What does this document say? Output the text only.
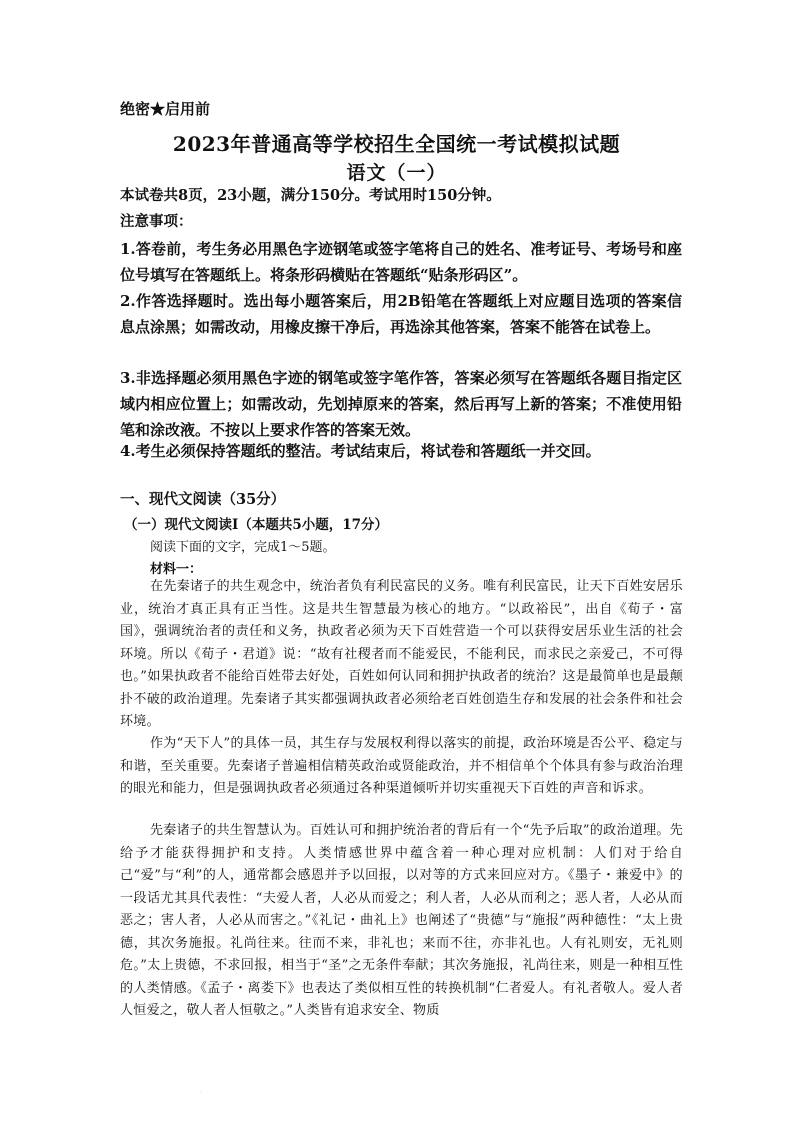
绝密★启用前
2023年普通高等学校招生全国统一考试模拟试题
语文（一）
本试卷共8页，23小题，满分150分。考试用时150分钟。
注意事项：
1.答卷前，考生务必用黑色字迹钢笔或签字笔将自己的姓名、准考证号、考场号和座位号填写在答题纸上。将条形码横贴在答题纸“贴条形码区”。
2.作答选择题时。选出每小题答案后，用2B铅笔在答题纸上对应题目选项的答案信息点涂黑；如需改动，用橡皮擦干净后，再选涂其他答案，答案不能答在试卷上。
3.非选择题必须用黑色字迹的钢笔或签字笔作答，答案必须写在答题纸各题目指定区域内相应位置上；如需改动，先划掉原来的答案，然后再写上新的答案；不准使用铅笔和涂改液。不按以上要求作答的答案无效。
4.考生必须保持答题纸的整洁。考试结束后，将试卷和答题纸一并交回。
一、现代文阅读（35分）
（一）现代文阅读Ⅰ（本题共5小题，17分）
阅读下面的文字，完成1～5题。
材料一：
在先秦诸子的共生观念中，统治者负有利民富民的义务。唯有利民富民，让天下百姓安居乐业，统治才真正具有正当性。这是共生智慧最为核心的地方。“以政裕民”，出自《荀子・富国》，强调统治者的责任和义务，执政者必须为天下百姓营造一个可以获得安居乐业生活的社会环境。所以《荀子・君道》说：“故有社稷者而不能爱民，不能利民，而求民之亲爱己，不可得也。”如果执政者不能给百姓带去好处，百姓如何认同和拥护执政者的统治？这是最简单也是最颠扑不破的政治道理。先秦诸子其实都强调执政者必须给老百姓创造生存和发展的社会条件和社会环境。
作为“天下人”的具体一员，其生存与发展权利得以落实的前提，政治环境是否公平、稳定与和谐，至关重要。先秦诸子普遍相信精英政治或贤能政治，并不相信单个个体具有参与政治治理的眼光和能力，但是强调执政者必须通过各种渠道倾听并切实重视天下百姓的声音和诉求。
先秦诸子的共生智慧认为。百姓认可和拥护统治者的背后有一个“先予后取”的政治道理。先给予才能获得拥护和支持。人类情感世界中蕴含着一种心理对应机制：人们对于给自己“爱”与“利”的人，通常都会感恩并予以回报，以对等的方式来回应对方。《墨子・兼爱中》的一段话尤其具代表性：“夫爱人者，人必从而爱之；利人者，人必从而利之；恶人者，人必从而恶之；害人者，人必从而害之。”《礼记・曲礼上》也阐述了“贵德”与“施报”两种德性：“太上贵德，其次务施报。礼尚往来。往而不来，非礼也；来而不往，亦非礼也。人有礼则安，无礼则危。”太上贵德，不求回报，相当于“圣”之无条件奉献；其次务施报，礼尚往来，则是一种相互性的人类情感。《孟子・离娄下》也表达了类似相互性的转换机制“仁者爱人。有礼者敬人。爱人者人恒爱之，敬人者人恒敬之。”人类皆有追求安全、物质
·
